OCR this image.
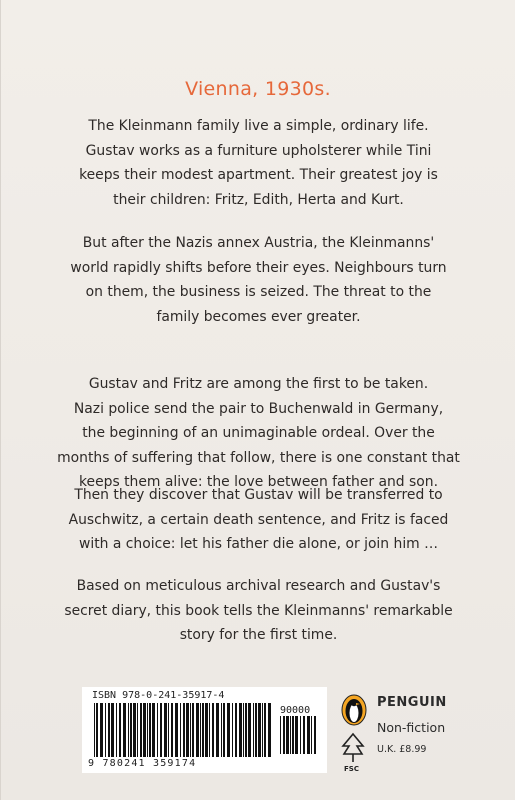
Vienna, 1930s.

The Kleinmann family live a simple, ordinary life.
Gustav works as a furniture upholsterer while Tini
keeps their modest apartment. Their greatest joy is
their children: Fritz, Edith, Herta and Kurt.

But after the Nazis annex Austria, the Kleinmanns'
world rapidly shifts before their eyes. Neighbours turn
on them, the business is seized. The threat to the
family becomes ever greater.

Gustav and Fritz are among the first to be taken.
Nazi police send the pair to Buchenwald in Germany,
the beginning of an unimaginable ordeal. Over the
months of suffering that follow, there is one constant that
keeps them alive: the love between father and son.

Then they discover that Gustav will be transferred to
Auschwitz, a certain death sentence, and Fritz is faced
with a choice: let his father die alone, or join him …

Based on meticulous archival research and Gustav's
secret diary, this book tells the Kleinmanns' remarkable
story for the first time.

ISBN 978-0-241-35917-4
90000
9 780241 359174	FSC
PENGUIN
Non-fiction
U.K. £8.99
